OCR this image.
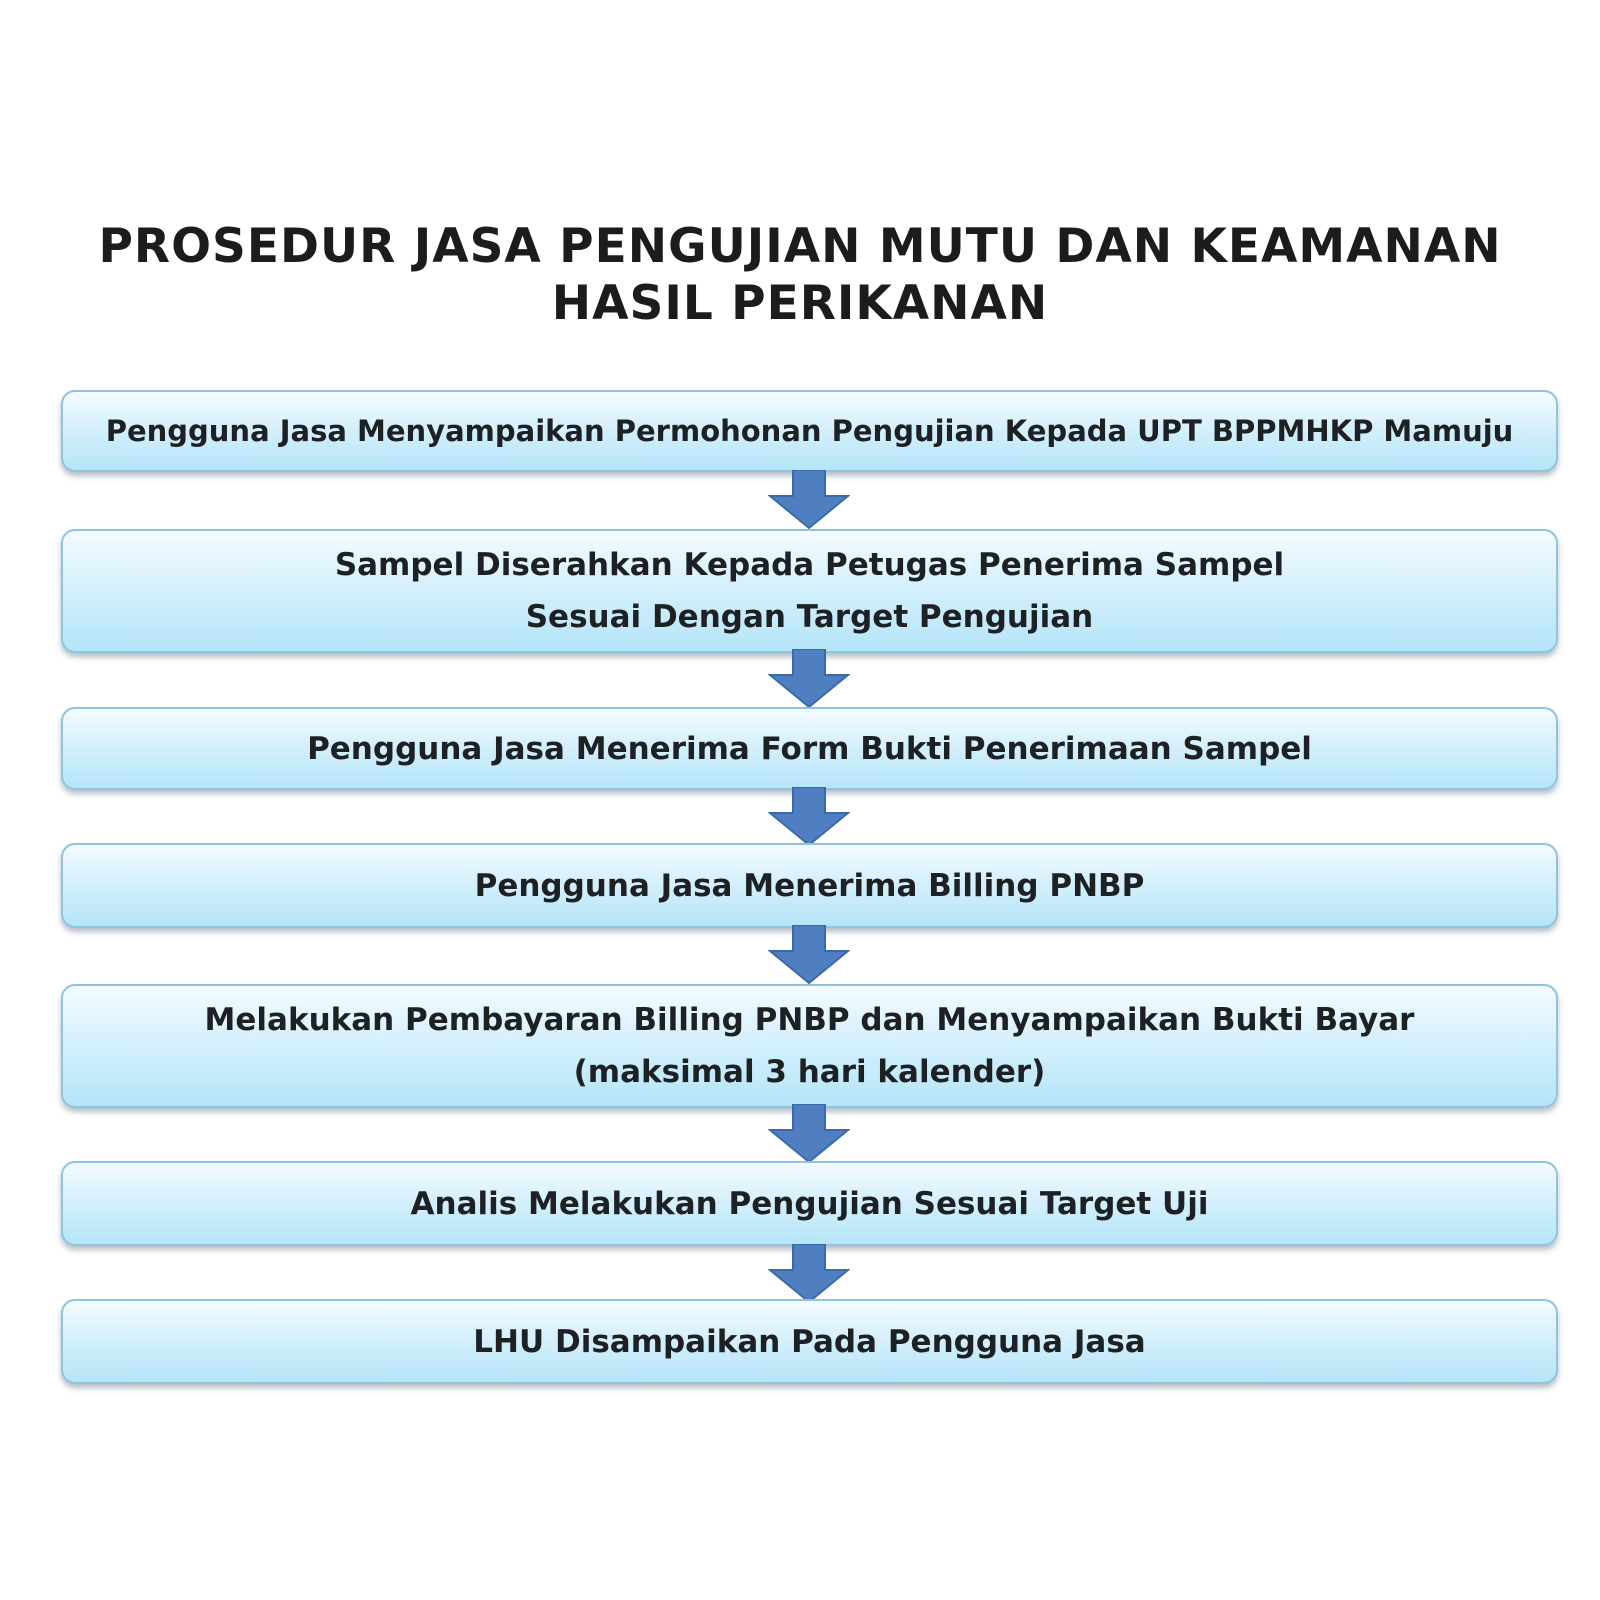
PROSEDUR JASA PENGUJIAN MUTU DAN KEAMANAN
HASIL PERIKANAN
Pengguna Jasa Menyampaikan Permohonan Pengujian Kepada UPT BPPMHKP Mamuju
Sampel Diserahkan Kepada Petugas Penerima Sampel
Sesuai Dengan Target Pengujian
Pengguna Jasa Menerima Form Bukti Penerimaan Sampel
Pengguna Jasa Menerima Billing PNBP
Melakukan Pembayaran Billing PNBP dan Menyampaikan Bukti Bayar
(maksimal 3 hari kalender)
Analis Melakukan Pengujian Sesuai Target Uji
LHU Disampaikan Pada Pengguna Jasa
